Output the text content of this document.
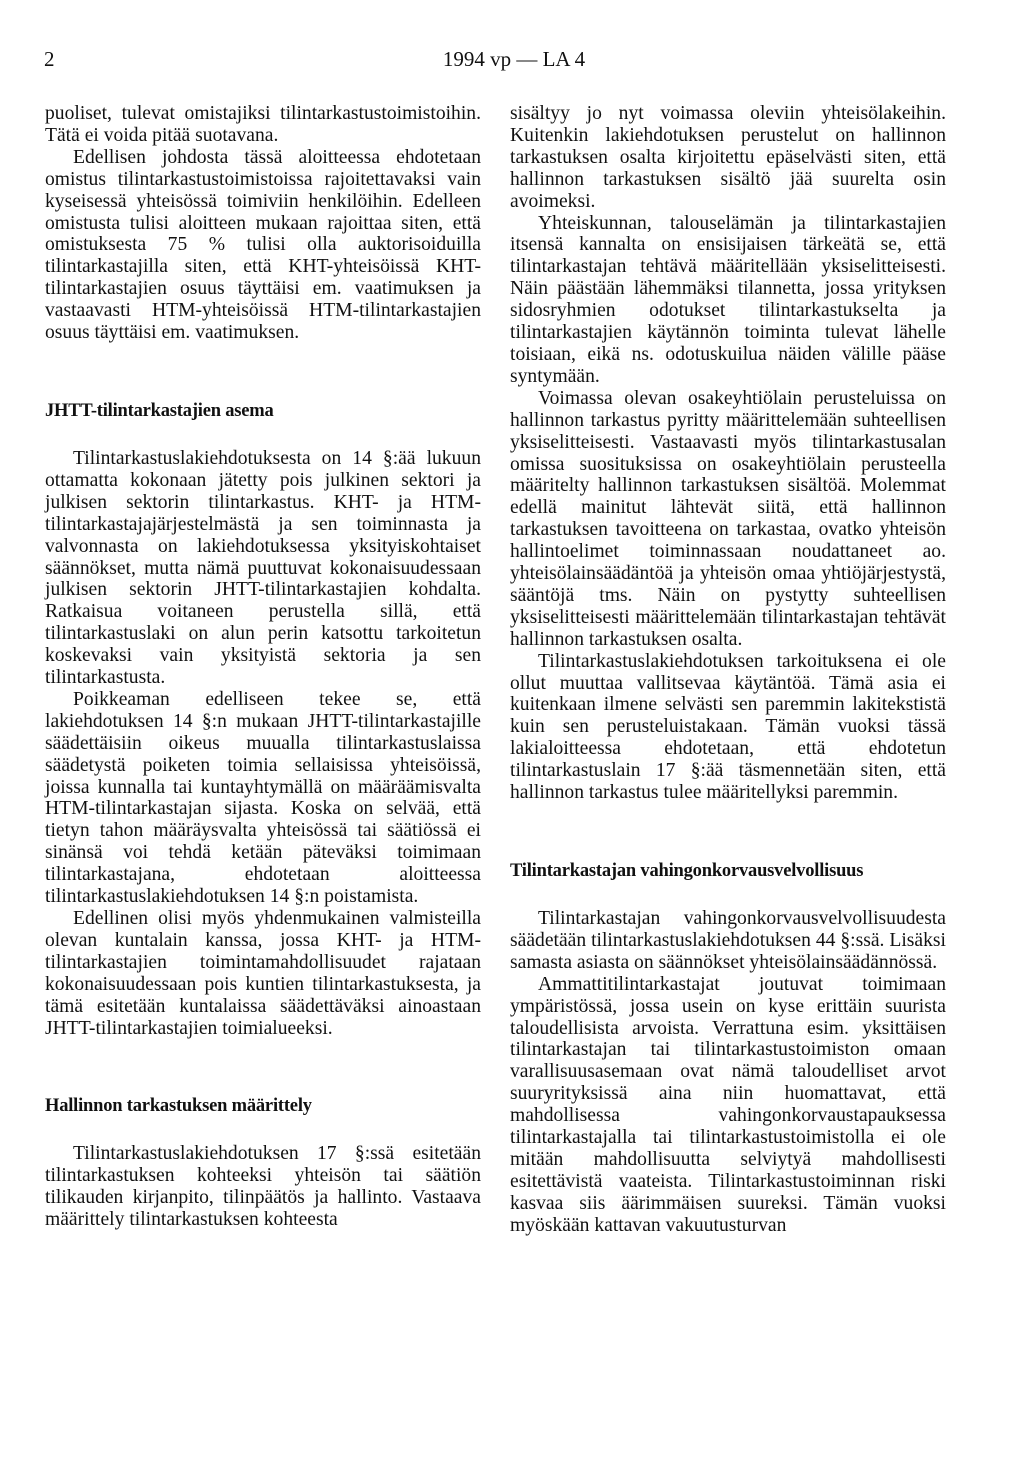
2	1994 vp — LA 4

puoliset, tulevat omistajiksi tilintarkastustoimistoihin. Tätä ei voida pitää suotavana.

Edellisen johdosta tässä aloitteessa ehdotetaan omistus tilintarkastustoimistoissa rajoitettavaksi vain kyseisessä yhteisössä toimiviin henkilöihin. Edelleen omistusta tulisi aloitteen mukaan rajoittaa siten, että omistuksesta 75 % tulisi olla auktorisoiduilla tilintarkastajilla siten, että KHT-yhteisöissä KHT-tilintarkastajien osuus täyttäisi em. vaatimuksen ja vastaavasti HTM-yhteisöissä HTM-tilintarkastajien osuus täyttäisi em. vaatimuksen.

JHTT-tilintarkastajien asema

Tilintarkastuslakiehdotuksesta on 14 §:ää lukuun ottamatta kokonaan jätetty pois julkinen sektori ja julkisen sektorin tilintarkastus. KHT- ja HTM-tilintarkastajajärjestelmästä ja sen toiminnasta ja valvonnasta on lakiehdotuksessa yksityiskohtaiset säännökset, mutta nämä puuttuvat kokonaisuudessaan julkisen sektorin JHTT-tilintarkastajien kohdalta. Ratkaisua voitaneen perustella sillä, että tilintarkastuslaki on alun perin katsottu tarkoitetun koskevaksi vain yksityistä sektoria ja sen tilintarkastusta.

Poikkeaman edelliseen tekee se, että lakiehdotuksen 14 §:n mukaan JHTT-tilintarkastajille säädettäisiin oikeus muualla tilintarkastuslaissa säädetystä poiketen toimia sellaisissa yhteisöissä, joissa kunnalla tai kuntayhtymällä on määräämisvalta HTM-tilintarkastajan sijasta. Koska on selvää, että tietyn tahon määräysvalta yhteisössä tai säätiössä ei sinänsä voi tehdä ketään päteväksi toimimaan tilintarkastajana, ehdotetaan aloitteessa tilintarkastuslakiehdotuksen 14 §:n poistamista.

Edellinen olisi myös yhdenmukainen valmisteilla olevan kuntalain kanssa, jossa KHT- ja HTM-tilintarkastajien toimintamahdollisuudet rajataan kokonaisuudessaan pois kuntien tilintarkastuksesta, ja tämä esitetään kuntalaissa säädettäväksi ainoastaan JHTT-tilintarkastajien toimialueeksi.

Hallinnon tarkastuksen määrittely

Tilintarkastuslakiehdotuksen 17 §:ssä esitetään tilintarkastuksen kohteeksi yhteisön tai säätiön tilikauden kirjanpito, tilinpäätös ja hallinto. Vastaava määrittely tilintarkastuksen kohteesta

sisältyy jo nyt voimassa oleviin yhteisölakeihin. Kuitenkin lakiehdotuksen perustelut on hallinnon tarkastuksen osalta kirjoitettu epäselvästi siten, että hallinnon tarkastuksen sisältö jää suurelta osin avoimeksi.

Yhteiskunnan, talouselämän ja tilintarkastajien itsensä kannalta on ensisijaisen tärkeätä se, että tilintarkastajan tehtävä määritellään yksiselitteisesti. Näin päästään lähemmäksi tilannetta, jossa yrityksen sidosryhmien odotukset tilintarkastukselta ja tilintarkastajien käytännön toiminta tulevat lähelle toisiaan, eikä ns. odotuskuilua näiden välille pääse syntymään.

Voimassa olevan osakeyhtiölain perusteluissa on hallinnon tarkastus pyritty määrittelemään suhteellisen yksiselitteisesti. Vastaavasti myös tilintarkastusalan omissa suosituksissa on osakeyhtiölain perusteella määritelty hallinnon tarkastuksen sisältöä. Molemmat edellä mainitut lähtevät siitä, että hallinnon tarkastuksen tavoitteena on tarkastaa, ovatko yhteisön hallintoelimet toiminnassaan noudattaneet ao. yhteisölainsäädäntöä ja yhteisön omaa yhtiöjärjestystä, sääntöjä tms. Näin on pystytty suhteellisen yksiselitteisesti määrittelemään tilintarkastajan tehtävät hallinnon tarkastuksen osalta.

Tilintarkastuslakiehdotuksen tarkoituksena ei ole ollut muuttaa vallitsevaa käytäntöä. Tämä asia ei kuitenkaan ilmene selvästi sen paremmin lakitekstistä kuin sen perusteluistakaan. Tämän vuoksi tässä lakialoitteessa ehdotetaan, että ehdotetun tilintarkastuslain 17 §:ää täsmennetään siten, että hallinnon tarkastus tulee määritellyksi paremmin.

Tilintarkastajan vahingonkorvausvelvollisuus

Tilintarkastajan vahingonkorvausvelvollisuudesta säädetään tilintarkastuslakiehdotuksen 44 §:ssä. Lisäksi samasta asiasta on säännökset yhteisölainsäädännössä.

Ammattitilintarkastajat joutuvat toimimaan ympäristössä, jossa usein on kyse erittäin suurista taloudellisista arvoista. Verrattuna esim. yksittäisen tilintarkastajan tai tilintarkastustoimiston omaan varallisuusasemaan ovat nämä taloudelliset arvot suuryrityksissä aina niin huomattavat, että mahdollisessa vahingonkorvaustapauksessa tilintarkastajalla tai tilintarkastustoimistolla ei ole mitään mahdollisuutta selviytyä mahdollisesti esitettävistä vaateista. Tilintarkastustoiminnan riski kasvaa siis äärimmäisen suureksi. Tämän vuoksi myöskään kattavan vakuutusturvan
